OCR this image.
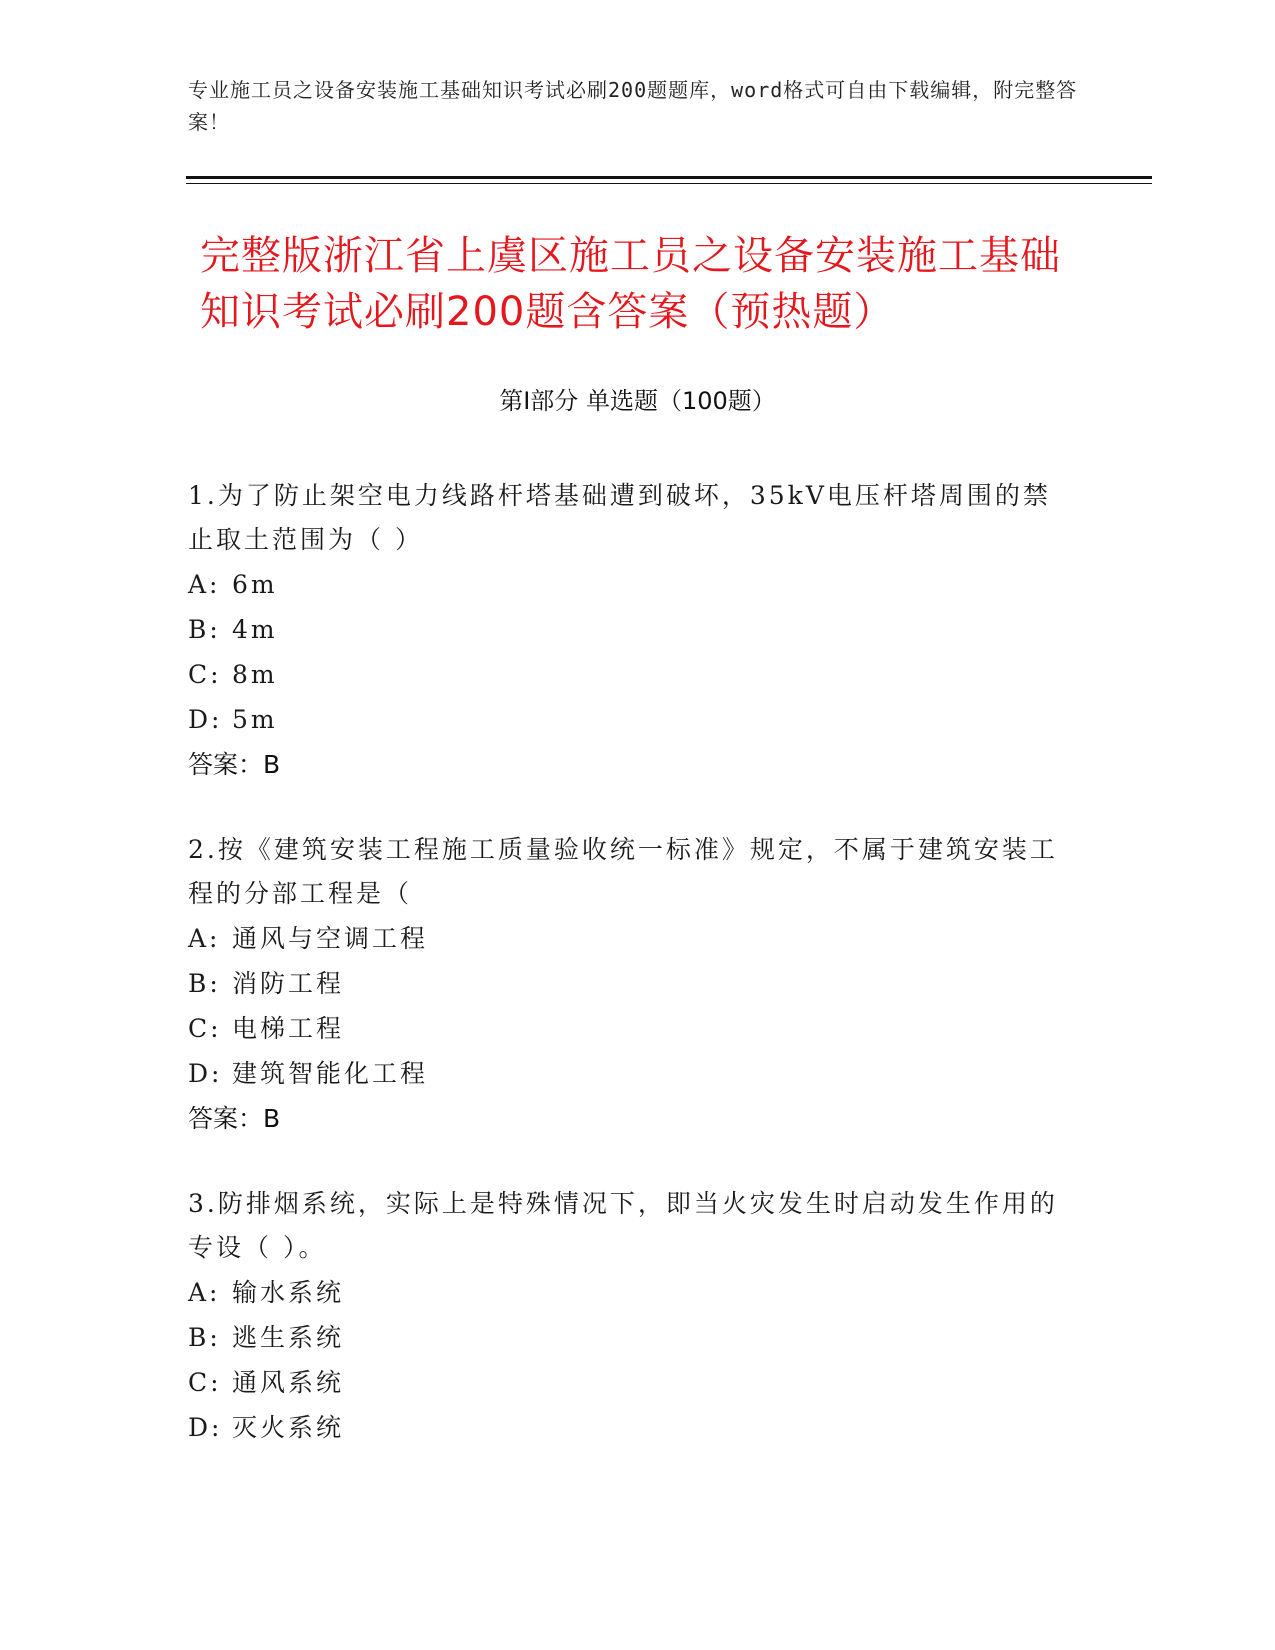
专业施工员之设备安装施工基础知识考试必刷200题题库，word格式可自由下载编辑，附完整答案！
完整版浙江省上虞区施工员之设备安装施工基础知识考试必刷200题含答案（预热题）
第I部分 单选题（100题）
1.为了防止架空电力线路杆塔基础遭到破坏，35kV电压杆塔周围的禁止取土范围为（ ）
A: 6m
B: 4m
C: 8m
D: 5m
答案：B
2.按《建筑安装工程施工质量验收统一标准》规定，不属于建筑安装工程的分部工程是（
A: 通风与空调工程
B: 消防工程
C: 电梯工程
D: 建筑智能化工程
答案：B
3.防排烟系统，实际上是特殊情况下，即当火灾发生时启动发生作用的专设（ ）。
A: 输水系统
B: 逃生系统
C: 通风系统
D: 灭火系统
